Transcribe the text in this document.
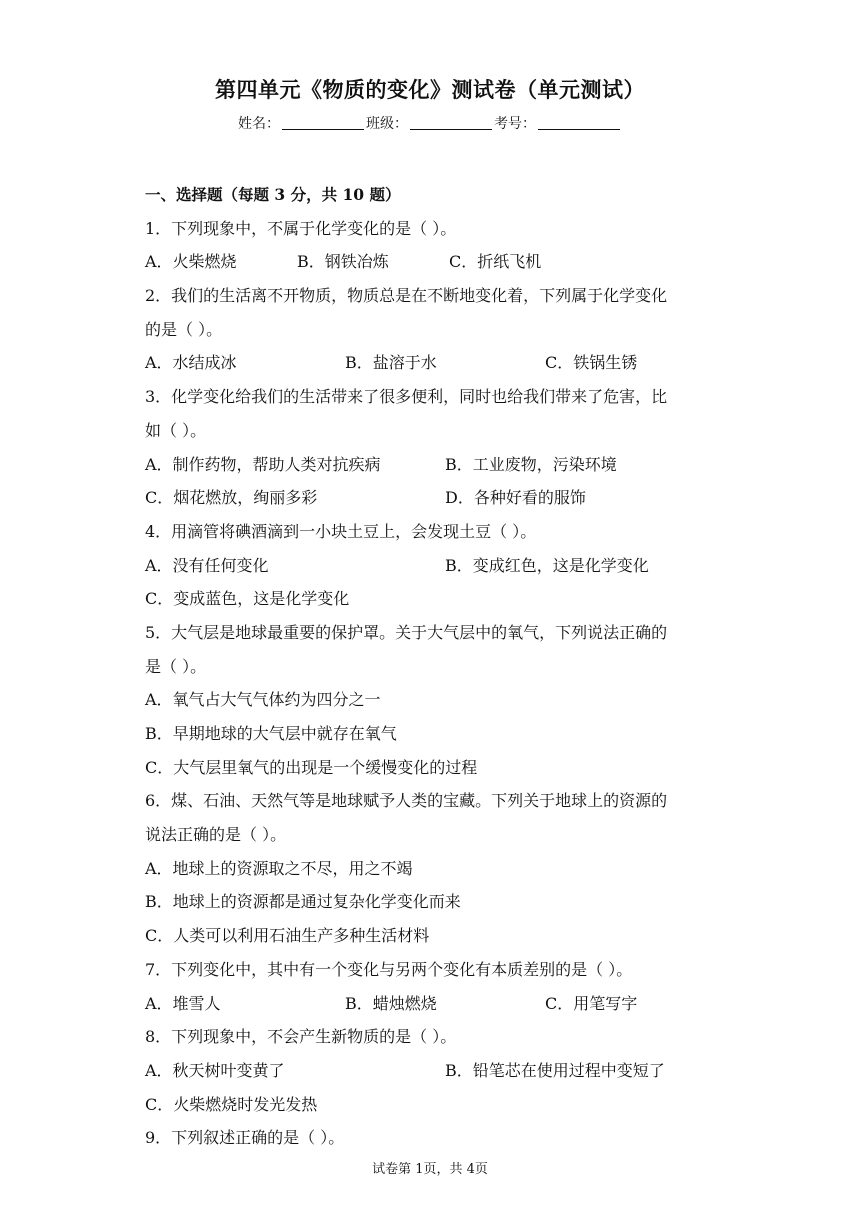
第四单元《物质的变化》测试卷（单元测试）
姓名：	班级：	考号：
一、选择题（每题 3 分，共 10 题）
1．下列现象中，不属于化学变化的是（ ）。
A．火柴燃烧	B．钢铁冶炼	C．折纸飞机
2．我们的生活离不开物质，物质总是在不断地变化着，下列属于化学变化
的是（ ）。
A．水结成冰	B．盐溶于水	C．铁锅生锈
3．化学变化给我们的生活带来了很多便利，同时也给我们带来了危害，比
如（ ）。
A．制作药物，帮助人类对抗疾病	B．工业废物，污染环境
C．烟花燃放，绚丽多彩	D．各种好看的服饰
4．用滴管将碘酒滴到一小块土豆上，会发现土豆（ ）。
A．没有任何变化	B．变成红色，这是化学变化
C．变成蓝色，这是化学变化
5．大气层是地球最重要的保护罩。关于大气层中的氧气，下列说法正确的
是（ ）。
A．氧气占大气气体约为四分之一
B．早期地球的大气层中就存在氧气
C．大气层里氧气的出现是一个缓慢变化的过程
6．煤、石油、天然气等是地球赋予人类的宝藏。下列关于地球上的资源的
说法正确的是（ ）。
A．地球上的资源取之不尽，用之不竭
B．地球上的资源都是通过复杂化学变化而来
C．人类可以利用石油生产多种生活材料
7．下列变化中，其中有一个变化与另两个变化有本质差别的是（ ）。
A．堆雪人	B．蜡烛燃烧	C．用笔写字
8．下列现象中，不会产生新物质的是（ ）。
A．秋天树叶变黄了	B．铅笔芯在使用过程中变短了
C．火柴燃烧时发光发热
9．下列叙述正确的是（ ）。
试卷第 1页，共 4页
